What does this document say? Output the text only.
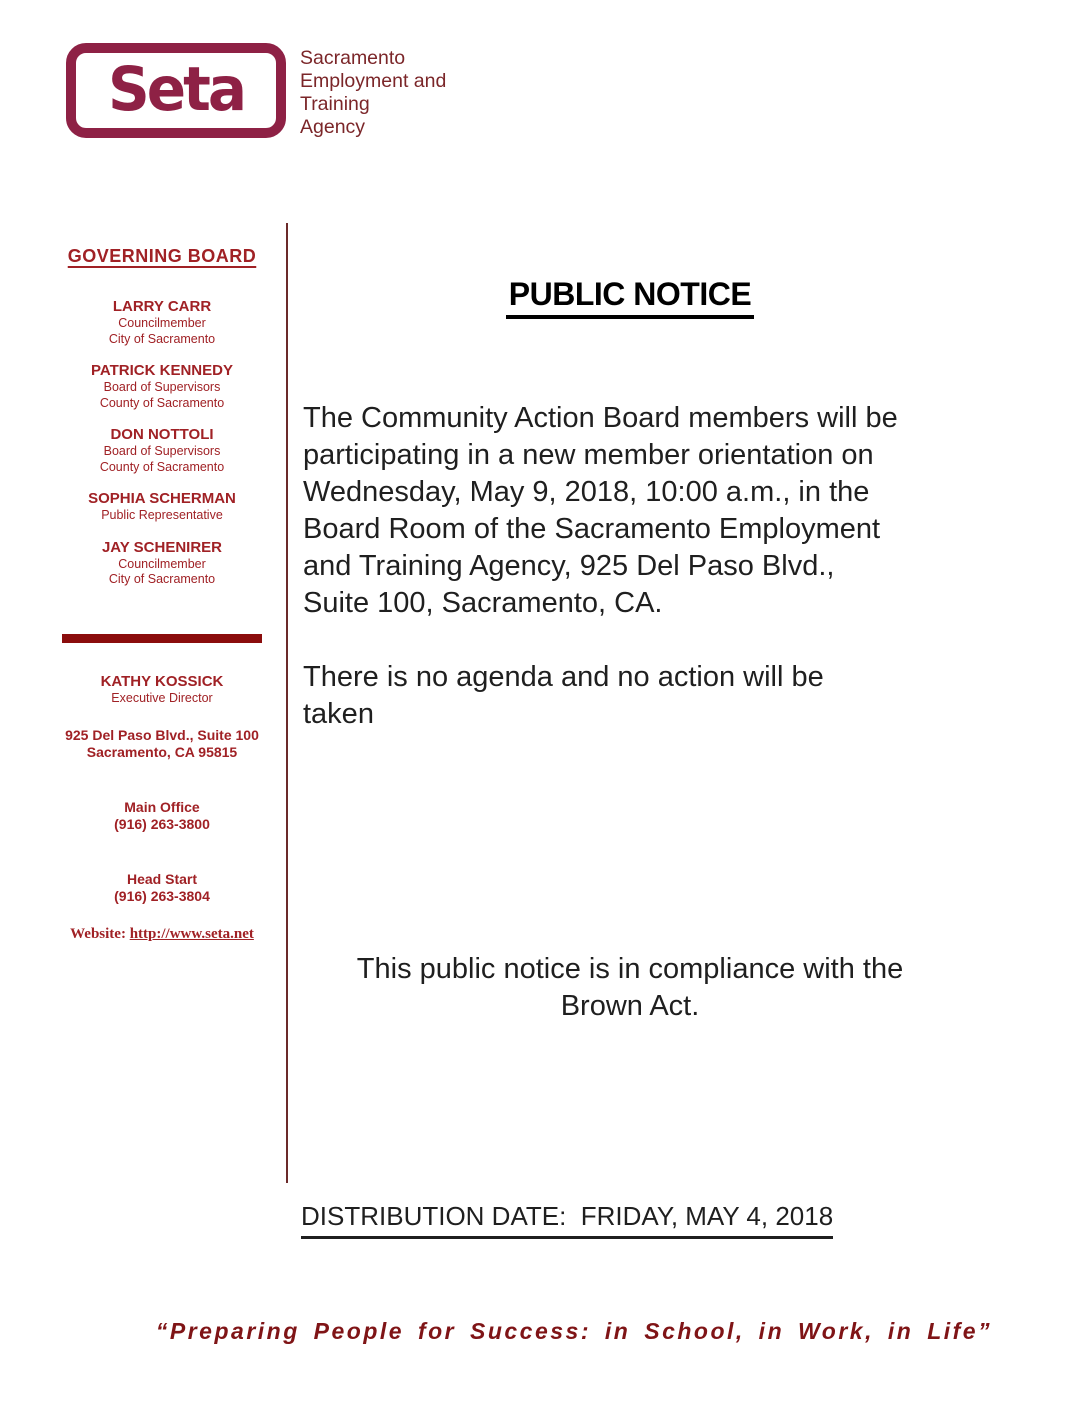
Seta	Sacramento
Employment and
Training
Agency
GOVERNING BOARD
LARRY CARR
Councilmember
City of Sacramento
PATRICK KENNEDY
Board of Supervisors
County of Sacramento
DON NOTTOLI
Board of Supervisors
County of Sacramento
SOPHIA SCHERMAN
Public Representative
JAY SCHENIRER
Councilmember
City of Sacramento
KATHY KOSSICK
Executive Director
925 Del Paso Blvd., Suite 100
Sacramento, CA 95815
Main Office
(916) 263-3800
Head Start
(916) 263-3804
Website: http://www.seta.net
PUBLIC NOTICE
The Community Action Board members will be
participating in a new member orientation on
Wednesday, May 9, 2018, 10:00 a.m., in the
Board Room of the Sacramento Employment
and Training Agency, 925 Del Paso Blvd.,
Suite 100, Sacramento, CA.
There is no agenda and no action will be
taken
This public notice is in compliance with the
Brown Act.
DISTRIBUTION DATE:  FRIDAY, MAY 4, 2018
“Preparing People for Success: in School, in Work, in Life”
